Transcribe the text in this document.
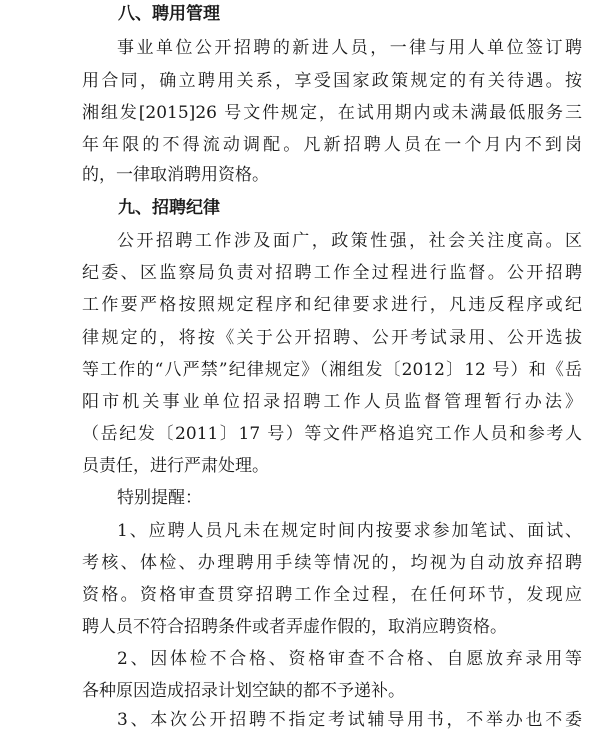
八、聘用管理
事业单位公开招聘的新进人员，一律与用人单位签订聘
用合同，确立聘用关系，享受国家政策规定的有关待遇。按
湘组发[2015]26 号文件规定，在试用期内或未满最低服务三
年年限的不得流动调配。凡新招聘人员在一个月内不到岗
的，一律取消聘用资格。
九、招聘纪律
公开招聘工作涉及面广，政策性强，社会关注度高。区
纪委、区监察局负责对招聘工作全过程进行监督。公开招聘
工作要严格按照规定程序和纪律要求进行，凡违反程序或纪
律规定的，将按《关于公开招聘、公开考试录用、公开选拔
等工作的“八严禁”纪律规定》（湘组发〔2012〕12 号）和《岳
阳市机关事业单位招录招聘工作人员监督管理暂行办法》
（岳纪发〔2011〕17 号）等文件严格追究工作人员和参考人
员责任，进行严肃处理。
特别提醒：
1、应聘人员凡未在规定时间内按要求参加笔试、面试、
考核、体检、办理聘用手续等情况的，均视为自动放弃招聘
资格。资格审查贯穿招聘工作全过程，在任何环节，发现应
聘人员不符合招聘条件或者弄虚作假的，取消应聘资格。
2、因体检不合格、资格审查不合格、自愿放弃录用等
各种原因造成招录计划空缺的都不予递补。
3、本次公开招聘不指定考试辅导用书，不举办也不委
